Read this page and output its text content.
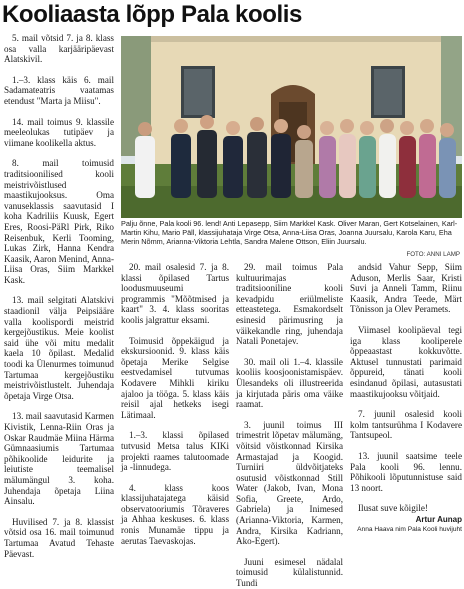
Kooliaasta lõpp Pala koolis

5. mail võtsid 7. ja 8. klass osa valla karjääripäevast Alatskivil.

1.–3. klass käis 6. mail Sadamateatris vaatamas etendust "Marta ja Miisu".

14. mail toimus 9. klassile meeleolukas tutipäev ja viimane koolikella aktus.

8. mail toimusid traditsioonilised kooli meistrivõistlused maastikujooksus. Oma vanuseklassis saavutasid I koha Kadriliis Kuusk, Egert Eres, Roosi-PäRl Pirk, Riko Reisenbuk, Kerli Tooming, Lukas Zirk, Hanna Kendra Kaasik, Aaron Menind, Anna-Liisa Oras, Siim Markkel Kask.

13. mail selgitati Alatskivi staadionil välja Peipsiääre valla koolispordi meistrid kergejõustikus. Meie koolist said ühe või mitu medalit kaela 10 õpilast. Medalid toodi ka Ülenurmes toimunud Tartumaa kergejõustiku meistrivõistlustelt. Juhendaja õpetaja Virge Otsa.

13. mail saavutasid Karmen Kivistik, Lenna-Riin Oras ja Oskar Raudmäe Miina Härma Gümnaasiumis Tartumaa põhikoolide leidurite ja leiutiste teemalisel mälumängul 3. koha. Juhendaja õpetaja Liina Ainsalu.

Huvilised 7. ja 8. klassist võtsid osa 16. mail toimunud Tartumaa Avatud Tehaste Päevast.

Palju õnne, Pala kooli 96. lend! Anti Lepasepp, Siim Markkel Kask. Oliver Maran, Gert Kotselainen, Karl-Martin Kihu, Mario Päll, klassijuhataja Virge Otsa, Anna-Liisa Oras, Joanna Juursalu, Karola Karu, Eha Merin Nõmm, Arianna-Viktoria Lehtla, Sandra Malene Ottson, Eliin Juursalu.
FOTO: ANNI LAMP

20. mail osalesid 7. ja 8. klassi õpilased Tartus loodusmuuseumi programmis "Mõõtmised ja kaart" 3. 4. klass sooritas koolis jalgrattur eksami.

Toimusid õppekäigud ja ekskursioonid. 9. klass käis õpetaja Merike Selgise eestvedamisel tutvumas Kodavere Mihkli kiriku ajaloo ja tööga. 5. klass käis reisil ajal hetkeks isegi Lätimaal.

1.–3. klassi õpilased tutvusid Metsa talus KIKi projekti raames talutoomade ja -linnudega.

4. klass koos klassijuhatajatega käisid observatooriumis Tõraveres ja Ahhaa keskuses. 6. klass ronis Munamäe tippu ja aerutas Taevaskojas.

29. mail toimus Pala kultuurimajas traditsiooniline kooli kevadpidu eriülmeliste etteastetega. Esmakordselt esinesid pärimusring ja väikekandle ring, juhendaja Natali Ponetajev.

30. mail oli 1.–4. klassile kooliis koosjoonistamispäev. Ülesandeks oli illustreerida ja kirjutada päris oma väike raamat.

3. juunil toimus III trimestrit lõpetav mälumäng, võitsid võistkonnad Kirsika Armastajad ja Koogid. Turniiri üldvõitjateks osutusid võistkonnad Still Water (Jakob, Ivan, Mona Sofia, Greete, Ardo, Gabriela) ja Inimesed (Arianna-Viktoria, Karmen, Andra, Kirsika Kadriann, Ako-Egert).

Juuni esimesel nädalal toimusid külalistunnid. Tundi

andsid Vahur Sepp, Siim Aduson, Merlis Saar, Kristi Suvi ja Anneli Tamm, Riinu Kaasik, Andra Teede, Märt Tõnisson ja Olev Peramets.

Viimasel koolipäeval tegi iga klass kooliperele õppeaastast kokkuvõtte. Aktusel tunnustati parimaid õppureid, tänati kooli esindanud õpilasi, autasustati maastikujooksu võitjaid.

7. juunil osalesid kooli kolm tantsurühma I Kodavere Tantsupeol.

13. juunil saatsime teele Pala kooli 96. lennu. Põhikooli lõputunnistuse said 13 noort.

Ilusat suve kõigile!

Artur Aunap

Anna Haava nim Pala Kooli huvijuht
